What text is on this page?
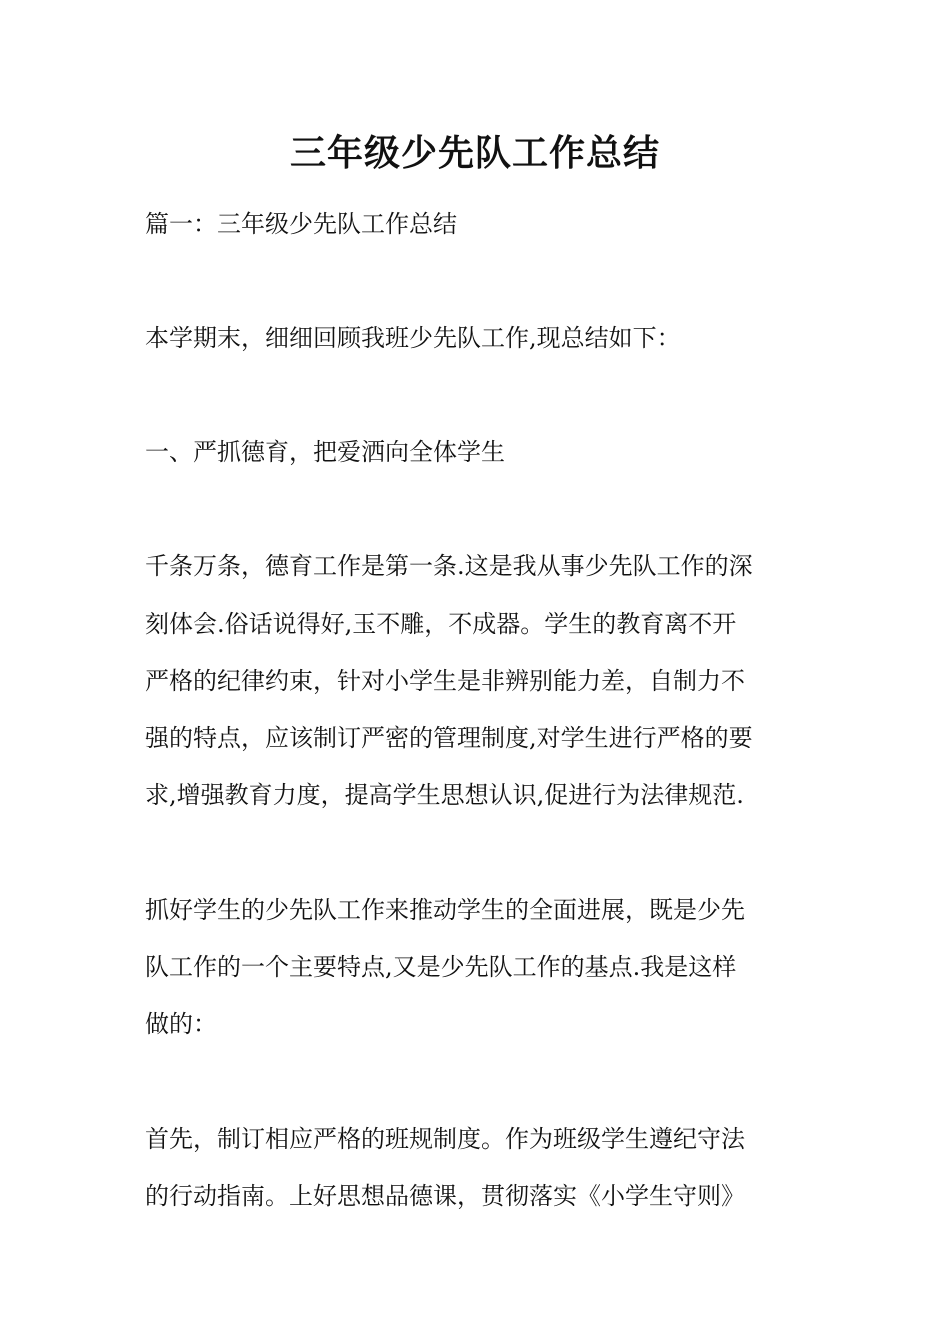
三年级少先队工作总结
篇一：三年级少先队工作总结
本学期末，细细回顾我班少先队工作,现总结如下：
一、严抓德育，把爱洒向全体学生
千条万条，德育工作是第一条.这是我从事少先队工作的深
刻体会.俗话说得好,玉不雕，不成器。学生的教育离不开
严格的纪律约束，针对小学生是非辨别能力差，自制力不
强的特点，应该制订严密的管理制度,对学生进行严格的要
求,增强教育力度，提高学生思想认识,促进行为法律规范.
抓好学生的少先队工作来推动学生的全面进展，既是少先
队工作的一个主要特点,又是少先队工作的基点.我是这样
做的：
首先，制订相应严格的班规制度。作为班级学生遵纪守法
的行动指南。上好思想品德课，贯彻落实《小学生守则》
